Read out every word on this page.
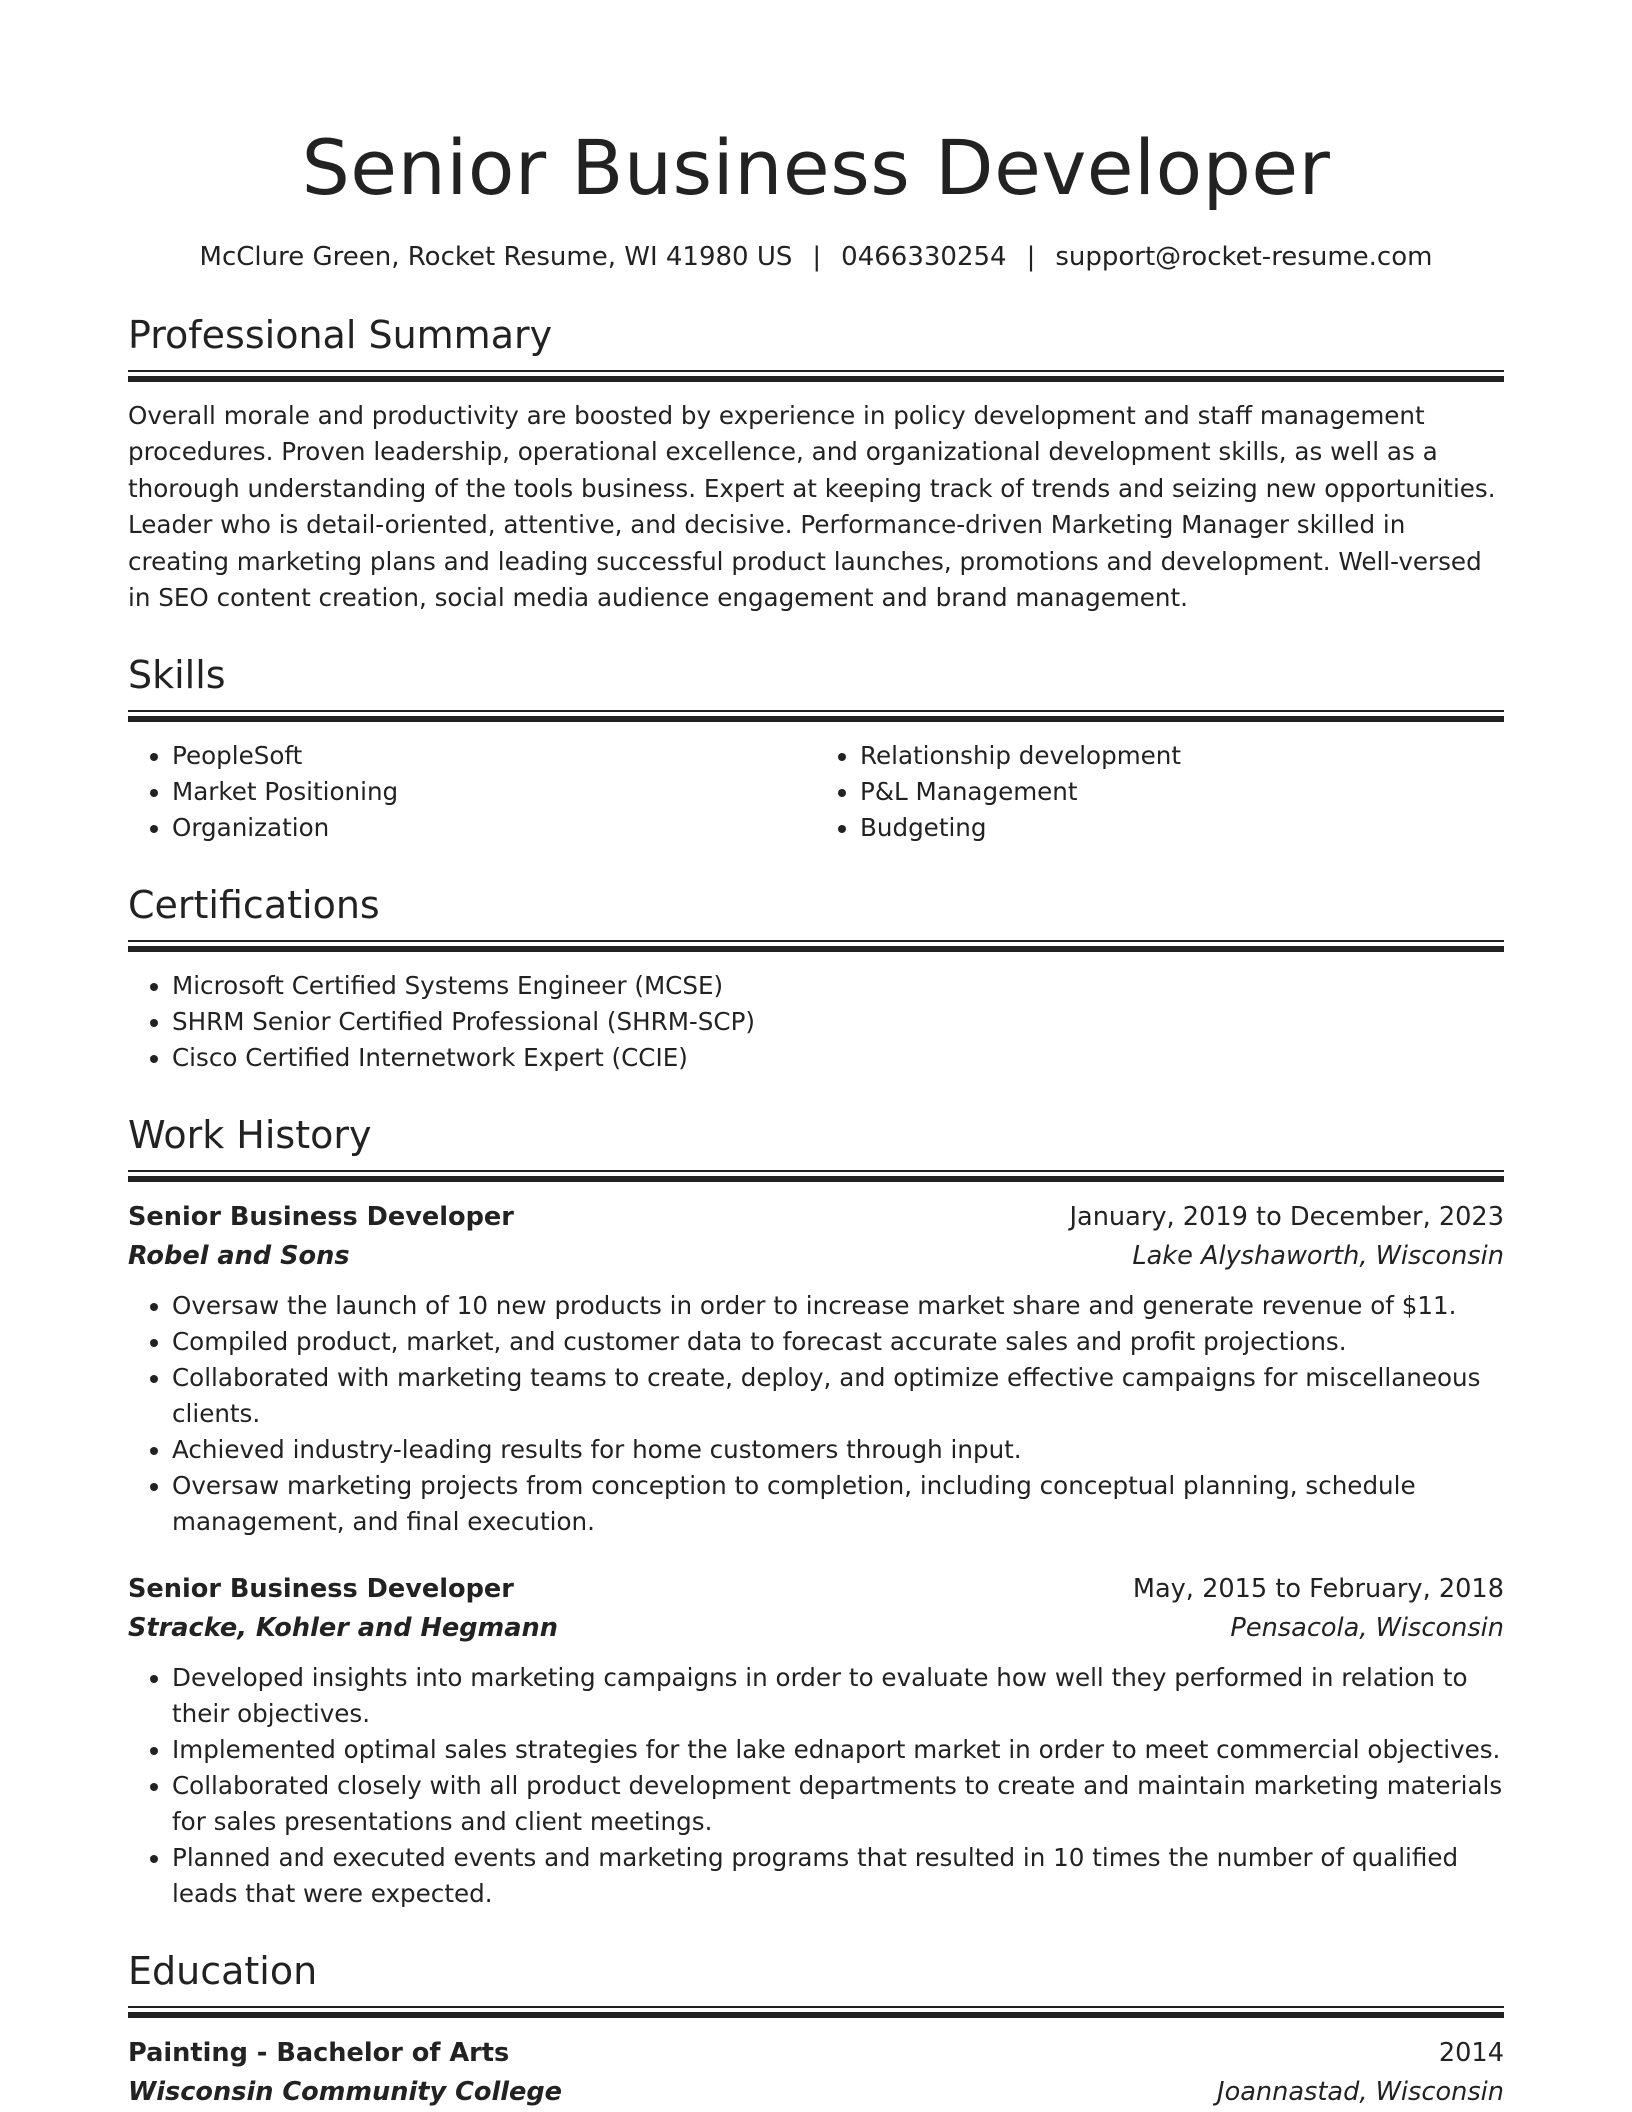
Senior Business Developer
McClure Green, Rocket Resume, WI 41980 US | 0466330254 | support@rocket-resume.com
Professional Summary
Overall morale and productivity are boosted by experience in policy development and staff management procedures. Proven leadership, operational excellence, and organizational development skills, as well as a thorough understanding of the tools business. Expert at keeping track of trends and seizing new opportunities. Leader who is detail-oriented, attentive, and decisive. Performance-driven Marketing Manager skilled in creating marketing plans and leading successful product launches, promotions and development. Well-versed in SEO content creation, social media audience engagement and brand management.
Skills
• PeopleSoft
• Market Positioning
• Organization
• Relationship development
• P&L Management
• Budgeting
Certifications
• Microsoft Certified Systems Engineer (MCSE)
• SHRM Senior Certified Professional (SHRM-SCP)
• Cisco Certified Internetwork Expert (CCIE)
Work History
Senior Business Developer	January, 2019 to December, 2023
Robel and Sons	Lake Alyshaworth, Wisconsin
• Oversaw the launch of 10 new products in order to increase market share and generate revenue of $11.
• Compiled product, market, and customer data to forecast accurate sales and profit projections.
• Collaborated with marketing teams to create, deploy, and optimize effective campaigns for miscellaneous clients.
• Achieved industry-leading results for home customers through input.
• Oversaw marketing projects from conception to completion, including conceptual planning, schedule management, and final execution.
Senior Business Developer	May, 2015 to February, 2018
Stracke, Kohler and Hegmann	Pensacola, Wisconsin
• Developed insights into marketing campaigns in order to evaluate how well they performed in relation to their objectives.
• Implemented optimal sales strategies for the lake ednaport market in order to meet commercial objectives.
• Collaborated closely with all product development departments to create and maintain marketing materials for sales presentations and client meetings.
• Planned and executed events and marketing programs that resulted in 10 times the number of qualified leads that were expected.
Education
Painting - Bachelor of Arts	2014
Wisconsin Community College	Joannastad, Wisconsin
